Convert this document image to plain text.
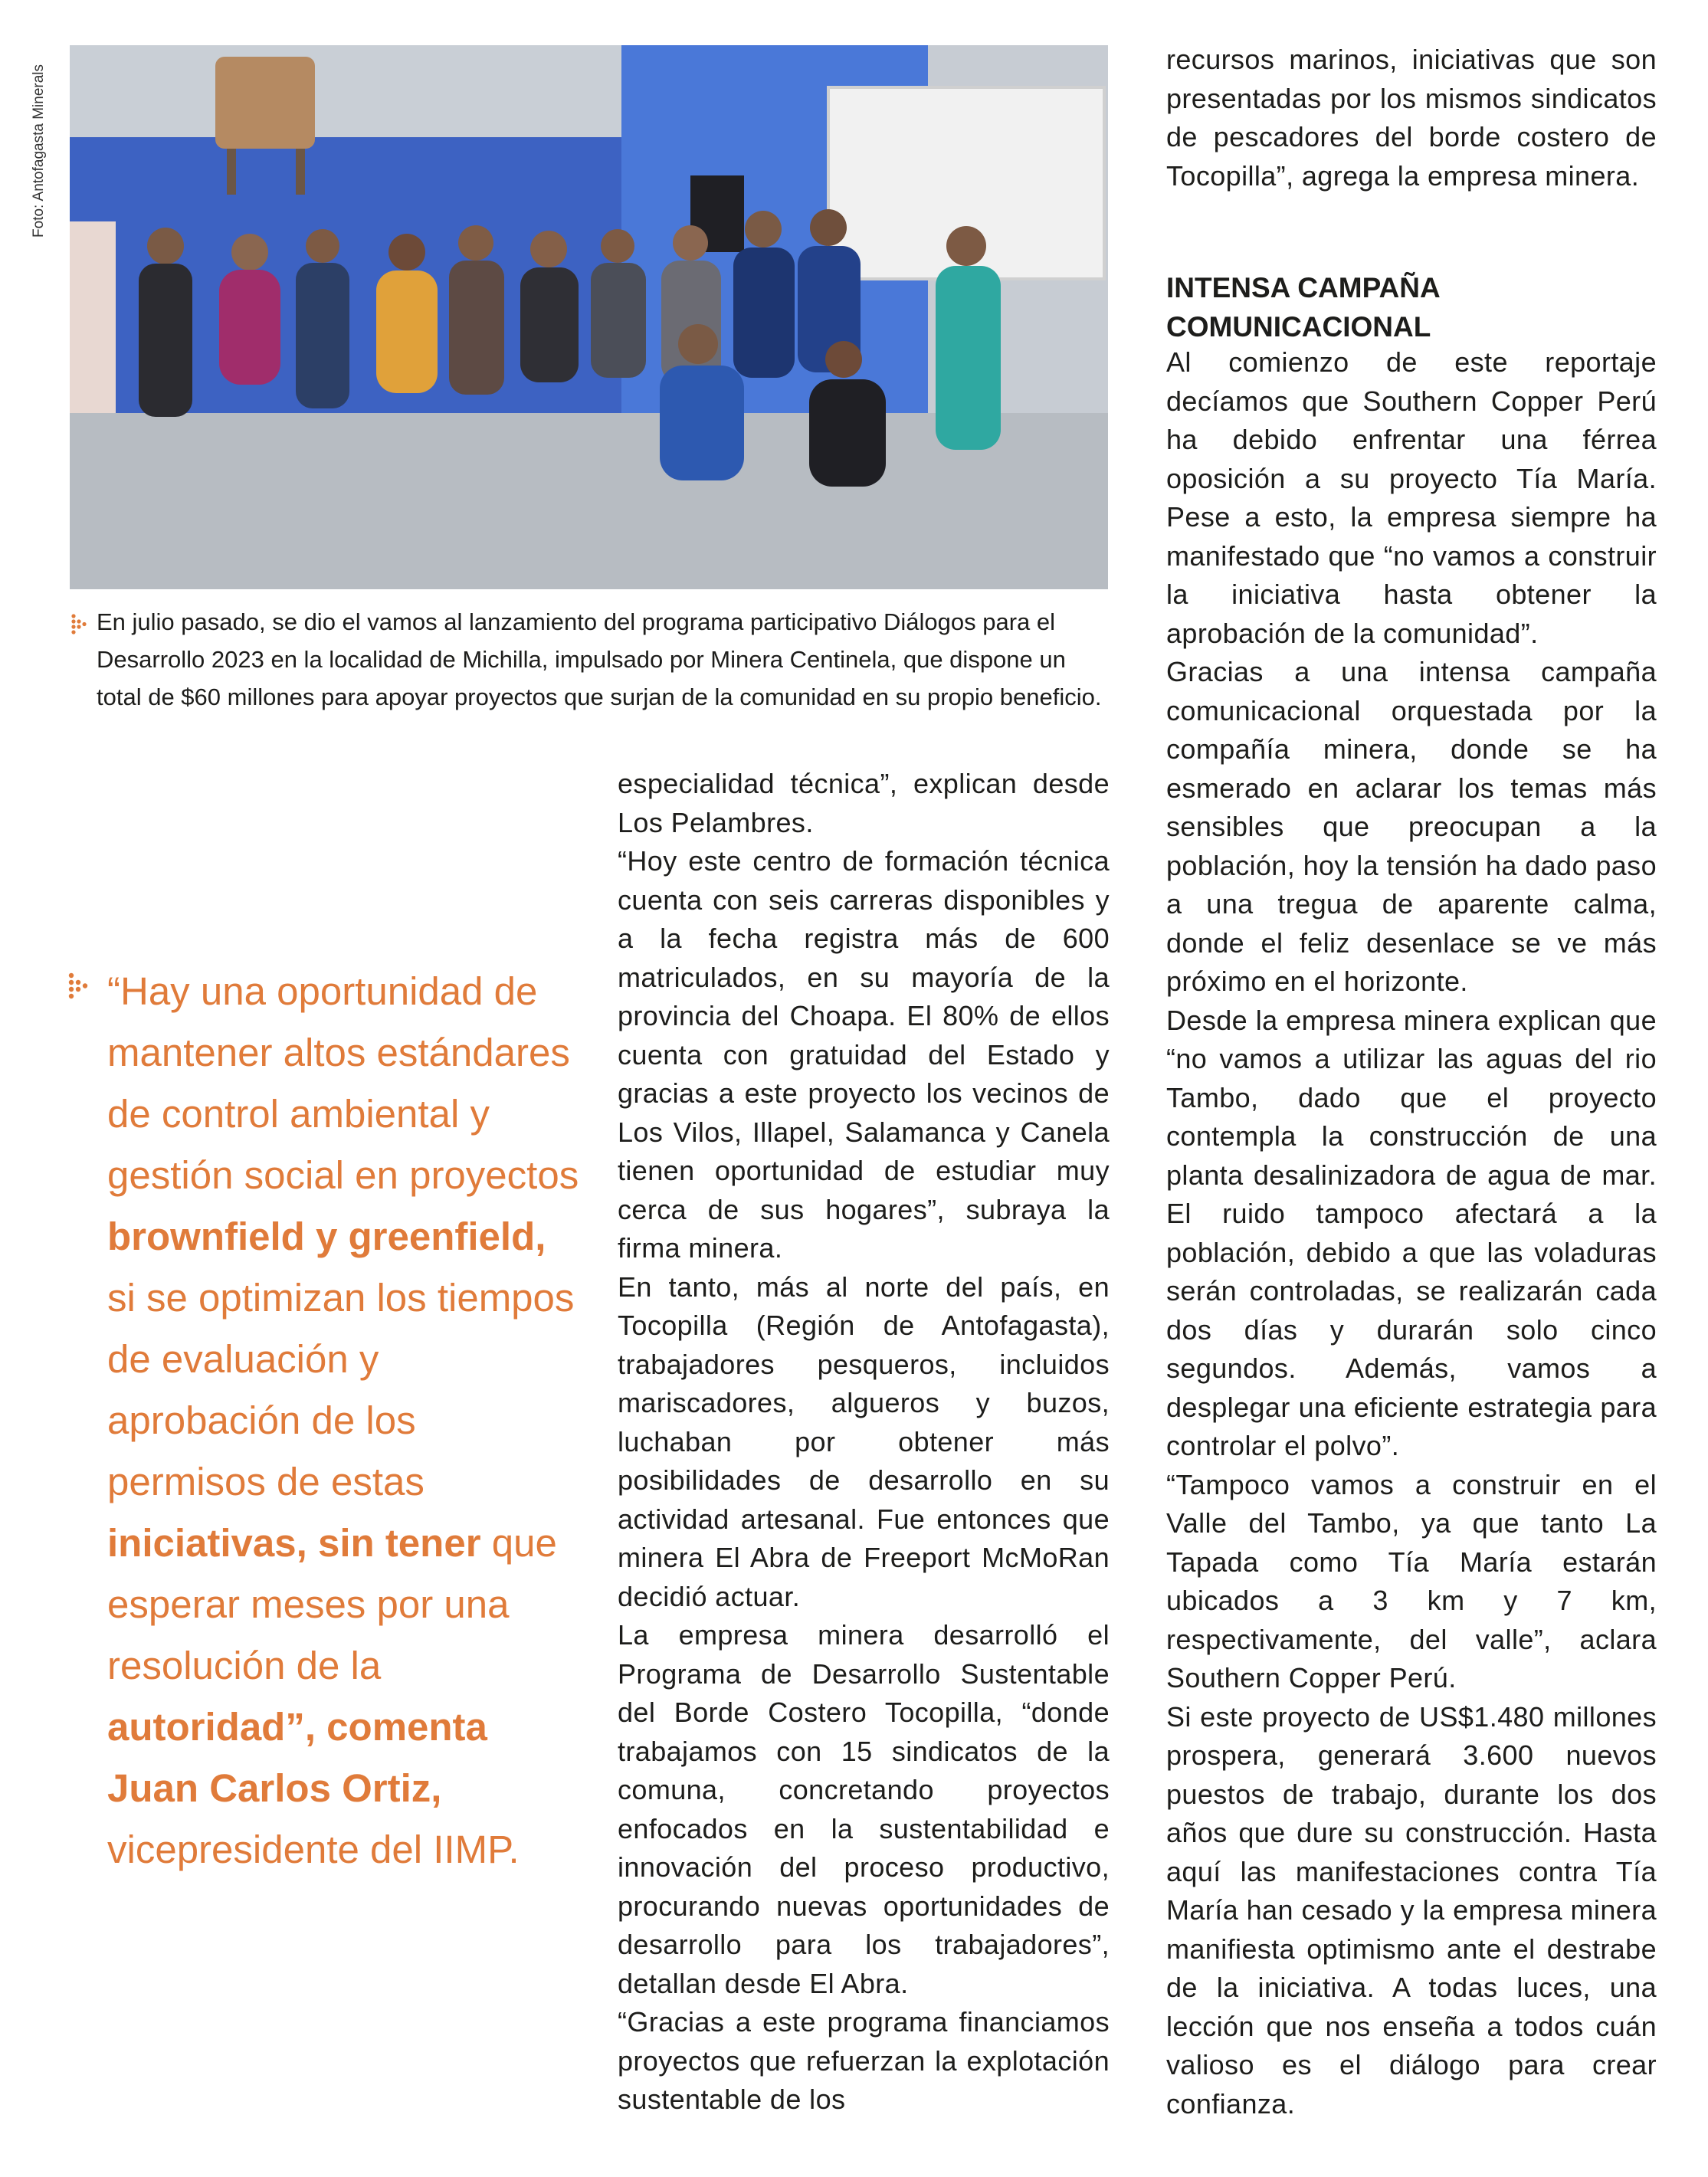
Foto: Antofagasta Minerals
En julio pasado, se dio el vamos al lanzamiento del programa participativo Diálogos para el Desarrollo 2023 en la localidad de Michilla, impulsado por Minera Centinela, que dispone un total de $60 millones para apoyar proyectos que surjan de la comunidad en su propio beneficio.
“Hay una oportunidad de mantener altos estándares de control ambiental y gestión social en proyectos brownfield y greenfield, si se optimizan los tiempos de evaluación y aprobación de los permisos de estas iniciativas, sin tener que esperar meses por una resolución de la autoridad”, comenta Juan Carlos Ortiz, vicepresidente del IIMP.

especialidad técnica”, explican desde Los Pelambres.

“Hoy este centro de formación técnica cuenta con seis carreras disponibles y a la fecha registra más de 600 matriculados, en su mayoría de la provincia del Choapa. El 80% de ellos cuenta con gratuidad del Estado y gracias a este proyecto los vecinos de Los Vilos, Illapel, Salamanca y Canela tienen oportunidad de estudiar muy cerca de sus hogares”, subraya la firma minera.

En tanto, más al norte del país, en Tocopilla (Región de Antofagasta), trabajadores pesqueros, incluidos mariscadores, algueros y buzos, luchaban por obtener más posibilidades de desarrollo en su actividad artesanal. Fue entonces que minera El Abra de Freeport McMoRan decidió actuar.

La empresa minera desarrolló el Programa de Desarrollo Sustentable del Borde Costero Tocopilla, “donde trabajamos con 15 sindicatos de la comuna, concretando proyectos enfocados en la sustentabilidad e innovación del proceso productivo, procurando nuevas oportunidades de desarrollo para los trabajadores”, detallan desde El Abra.

“Gracias a este programa financiamos proyectos que refuerzan la explotación sustentable de los

recursos marinos, iniciativas que son presentadas por los mismos sindicatos de pescadores del borde costero de Tocopilla”, agrega la empresa minera.

INTENSA CAMPAÑA COMUNICACIONAL

Al comienzo de este reportaje decíamos que Southern Copper Perú ha debido enfrentar una férrea oposición a su proyecto Tía María. Pese a esto, la empresa siempre ha manifestado que “no vamos a construir la iniciativa hasta obtener la aprobación de la comunidad”.

Gracias a una intensa campaña comunicacional orquestada por la compañía minera, donde se ha esmerado en aclarar los temas más sensibles que preocupan a la población, hoy la tensión ha dado paso a una tregua de aparente calma, donde el feliz desenlace se ve más próximo en el horizonte.

Desde la empresa minera explican que “no vamos a utilizar las aguas del rio Tambo, dado que el proyecto contempla la construcción de una planta desalinizadora de agua de mar. El ruido tampoco afectará a la población, debido a que las voladuras serán controladas, se realizarán cada dos días y durarán solo cinco segundos. Además, vamos a desplegar una eficiente estrategia para controlar el polvo”.

“Tampoco vamos a construir en el Valle del Tambo, ya que tanto La Tapada como Tía María estarán ubicados a 3 km y 7 km, respectivamente, del valle”, aclara Southern Copper Perú.

Si este proyecto de US$1.480 millones prospera, generará 3.600 nuevos puestos de trabajo, durante los dos años que dure su construcción. Hasta aquí las manifestaciones contra Tía María han cesado y la empresa minera manifiesta optimismo ante el destrabe de la iniciativa. A todas luces, una lección que nos enseña a todos cuán valioso es el diálogo para crear confianza.
